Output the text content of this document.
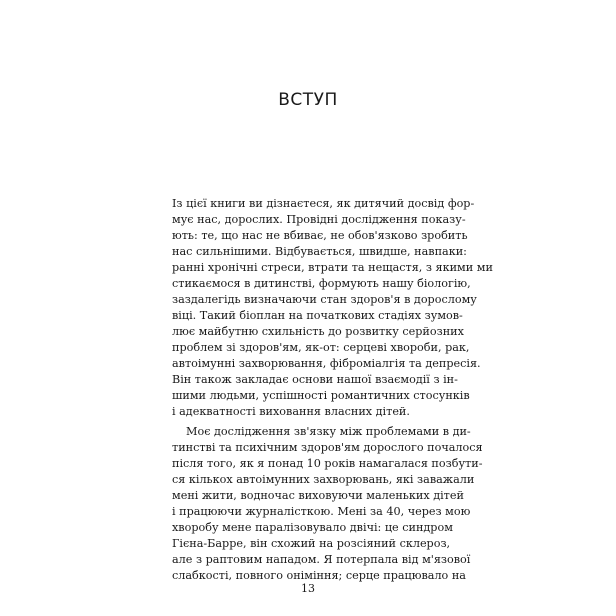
ВСТУП
Із цієї книги ви дізнаєтеся, як дитячий досвід фор-
мує нас, дорослих. Провідні дослідження показу-
ють: те, що нас не вбиває, не обов'язково зробить
нас сильнішими. Відбувається, швидше, навпаки:
ранні хронічні стреси, втрати та нещастя, з якими ми
стикаємося в дитинстві, формують нашу біологію,
заздалегідь визначаючи стан здоров'я в дорослому
віці. Такий біоплан на початкових стадіях зумов-
лює майбутню схильність до розвитку серйозних
проблем зі здоров'ям, як-от: серцеві хвороби, рак,
автоімунні захворювання, фіброміалгія та депресія.
Він також закладає основи нашої взаємодії з ін-
шими людьми, успішності романтичних стосунків
і адекватності виховання власних дітей.
Моє дослідження зв'язку між проблемами в ди-
тинстві та психічним здоров'ям дорослого почалося
після того, як я понад 10 років намагалася позбути-
ся кількох автоімунних захворювань, які заважали
мені жити, водночас виховуючи маленьких дітей
і працюючи журналісткою. Мені за 40, через мою
хворобу мене паралізовувало двічі: це синдром
Гієна-Барре, він схожий на розсіяний склероз,
але з раптовим нападом. Я потерпала від м'язової
слабкості, повного оніміння; серце працювало на
13
